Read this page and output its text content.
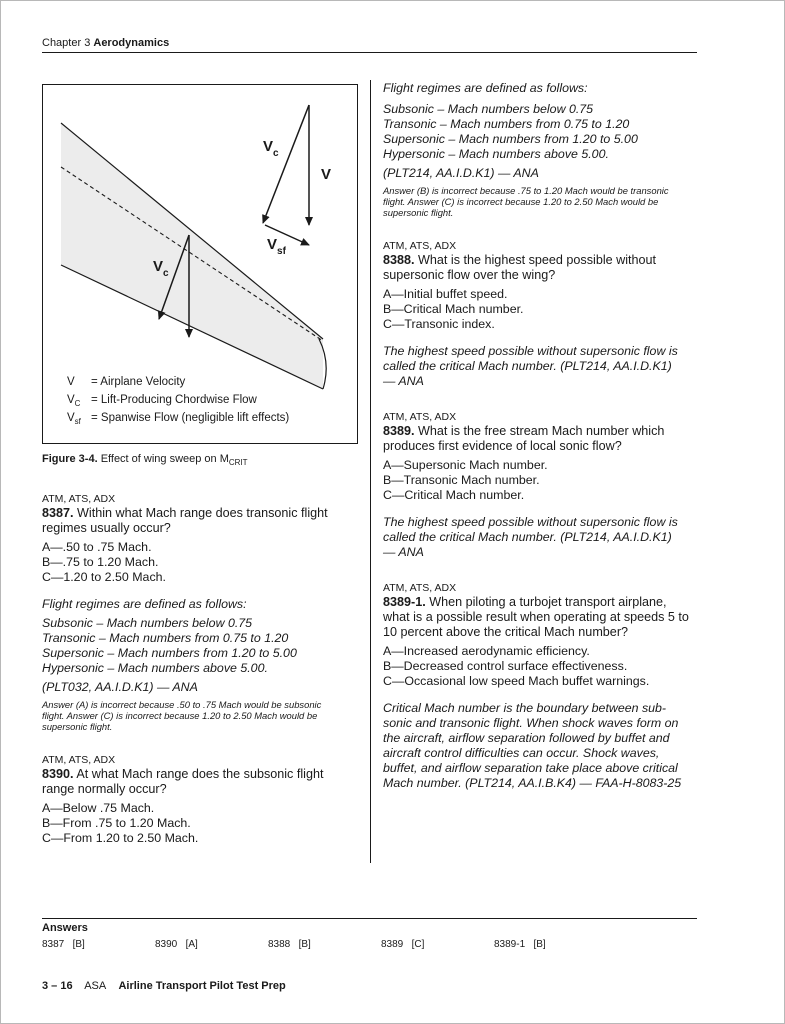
Chapter 3 Aerodynamics
$V_c$
V
$V_{sf}$
$V_c$
V = Airplane Velocity
$V_C$ = Lift-Producing Chordwise Flow
$V_{sf}$ = Spanwise Flow (negligible lift effects)
Figure 3-4. Effect of wing sweep on $M_{CRIT}$

ATM, ATS, ADX

8387. Within what Mach range does transonic flight

regimes usually occur?

A—.50 to .75 Mach.

B—.75 to 1.20 Mach.

C—1.20 to 2.50 Mach.

Flight regimes are defined as follows:

Subsonic – Mach numbers below 0.75

Transonic – Mach numbers from 0.75 to 1.20

Supersonic – Mach numbers from 1.20 to 5.00

Hypersonic – Mach numbers above 5.00.

(PLT032, AA.I.D.K1) — ANA

Answer (A) is incorrect because .50 to .75 Mach would be subsonic

flight. Answer (C) is incorrect because 1.20 to 2.50 Mach would be

supersonic flight.

ATM, ATS, ADX

8390. At what Mach range does the subsonic flight

range normally occur?

A—Below .75 Mach.

B—From .75 to 1.20 Mach.

C—From 1.20 to 2.50 Mach.

Flight regimes are defined as follows:

Subsonic – Mach numbers below 0.75

Transonic – Mach numbers from 0.75 to 1.20

Supersonic – Mach numbers from 1.20 to 5.00

Hypersonic – Mach numbers above 5.00.

(PLT214, AA.I.D.K1) — ANA

Answer (B) is incorrect because .75 to 1.20 Mach would be transonic

flight. Answer (C) is incorrect because 1.20 to 2.50 Mach would be

supersonic flight.

ATM, ATS, ADX

8388. What is the highest speed possible without

supersonic flow over the wing?

A—Initial buffet speed.

B—Critical Mach number.

C—Transonic index.

The highest speed possible without supersonic flow is

called the critical Mach number. (PLT214, AA.I.D.K1)

— ANA

ATM, ATS, ADX

8389. What is the free stream Mach number which

produces first evidence of local sonic flow?

A—Supersonic Mach number.

B—Transonic Mach number.

C—Critical Mach number.

The highest speed possible without supersonic flow is

called the critical Mach number. (PLT214, AA.I.D.K1)

— ANA

ATM, ATS, ADX

8389-1. When piloting a turbojet transport airplane,

what is a possible result when operating at speeds 5 to

10 percent above the critical Mach number?

A—Increased aerodynamic efficiency.

B—Decreased control surface effectiveness.

C—Occasional low speed Mach buffet warnings.

Critical Mach number is the boundary between sub-

sonic and transonic flight. When shock waves form on

the aircraft, airflow separation followed by buffet and

aircraft control difficulties can occur. Shock waves,

buffet, and airflow separation take place above critical

Mach number. (PLT214, AA.I.B.K4) — FAA-H-8083-25

Answers
8387 [B]	8390 [A]	8388 [B]	8389 [C]	8389-1 [B]
3 – 16 ASA Airline Transport Pilot Test Prep
